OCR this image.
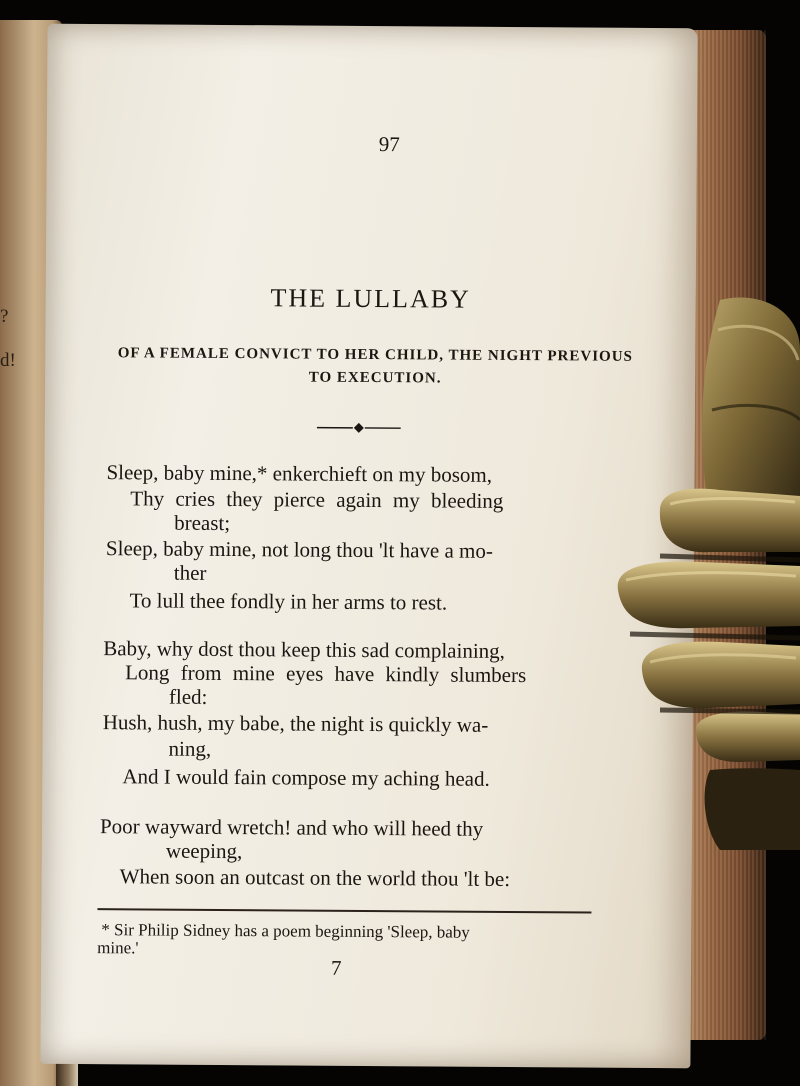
?
d!
97
THE LULLABY
OF A FEMALE CONVICT TO HER CHILD, THE NIGHT PREVIOUS TO EXECUTION.
Sleep, baby mine,* enkerchieft on my bosom,
Thy cries they pierce again my bleeding
breast;
Sleep, baby mine, not long thou 'lt have a mo-
ther
To lull thee fondly in her arms to rest.
Baby, why dost thou keep this sad complaining,
Long from mine eyes have kindly slumbers
fled:
Hush, hush, my babe, the night is quickly wa-
ning,
And I would fain compose my aching head.
Poor wayward wretch! and who will heed thy
weeping,
When soon an outcast on the world thou 'lt be:
* Sir Philip Sidney has a poem beginning 'Sleep, baby
mine.'
7
